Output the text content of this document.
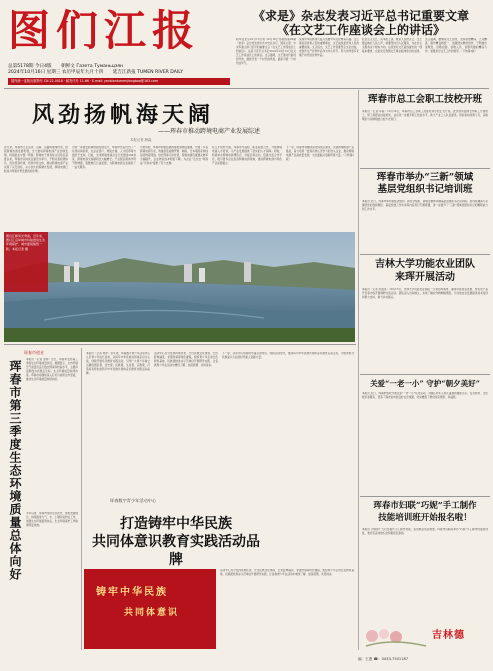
图们江报
总第5178期 今日4版 朝鲜文 Газета Туманьцзян
2024年10月16日 星期三 农历甲辰年九月十四 延吉江新报 TUMEN RIVER DAILY
国内统一连续出版物号 CN 22-0018 · 邮发代号 11-66 · E-mail: yanbiantumenjiangbao@163.com
《求是》杂志发表习近平总书记重要文章
《在文艺工作座谈会上的讲话》
新华社北京10月15日电 10月16日出版的第20期《求是》杂志将发表中共中央总书记、国家主席、中央军委主席习近平的重要文章《在文艺工作座谈会上的讲话》。这是习近平总书记2014年10月15日在文艺工作座谈会上的讲话。文章强调，文艺是时代前进的号角，最能代表一个时代的风貌，最能引领一个时代的风气。
实现中华民族伟大复兴需要中华文化繁荣兴盛。文艺事业是党和人民的重要事业，文艺战线是党和人民的重要战线。文章指出，文艺工作者要坚定文化自信，把创作生产优秀作品作为中心环节，努力创作更多无愧于时代的优秀作品。
社会主义文艺，从本质上讲，就是人民的文艺。文艺要反映好人民心声，就要坚持为人民服务、为社会主义服务这个根本方向。这是党对文艺战线提出的一项基本要求，也是决定我国文艺事业前途命运的关键。
文章强调，要繁荣文艺创作，坚持思想精深、艺术精湛、制作精良相统一，加强现实题材创作，不断推出讴歌党、讴歌祖国、讴歌人民、讴歌英雄的精品力作。加强党对文艺工作的领导。（下转第2版）
风劲扬帆海天阔
——珲春市推动跨境电商产业发展综述
本报记者 韩森
近年来，珲春市立足沿边、沿海、沿路的地缘优势，抢抓跨境电商发展机遇，全力推动跨境电商产业加快发展。特别是在中国（珲春）跨境电子商务综合试验区获批以来，珲春市以综试区建设为牵引，不断完善政策体系、优化营商环境、培育市场主体，推动跨境电商产业实现了从无到有、从小到大的跨越式发展，跨境电商已经成为珲春外贸发展的新引擎。
为进一步激发跨境电商发展活力，珲春市先后出台了一系列扶持政策，在企业落户、物流仓储、人才培养等方面给予支持。目前，全市跨境电商企业已发展到200余家，跨境电商交易额同比大幅增长。产业园区载体作用不断增强，集聚效应日益显现，为跨境电商企业提供了一站式服务。
与此同时，珲春市积极拓展跨境电商物流通道，开通了多条跨境电商专线，构建起连接俄罗斯、韩国、日本等国家和地区的物流网络。依托珲春口岸优势，跨境电商包裹通关效率大幅提升，企业物流成本明显下降，为企业“走出去”和商品“引进来”提供了有力支撑。
在人才培养方面，珲春市与高校、职业院校合作，开展跨境电商人才培训，为产业发展提供了坚实的人才保障。同时，积极举办跨境电商博览会、对接会等活动，搭建交流合作平台，吸引更多企业投身跨境电商领域，推动跨境电商与特色产业深度融合。
下一步，珲春市将继续深化综试区建设，完善跨境电商产业链条，着力培育一批具有核心竞争力的龙头企业，推动跨境电商产业高质量发展，为全面振兴贡献珲春力量。（下转第2版）
图们江畔风光秀美。近年来，图们江沿岸城市持续推进生态环境保护，城市面貌焕然一新。本报记者 摄
珲春市总工会职工技校开班
本报讯（记者 李丽）10月14日，珲春市总工会职工技能培训学校正式开班。此次培训面向全市职工开展电工、焊工等职业技能培训，旨在进一步提升职工技能水平，助力产业工人队伍建设。培训将持续两个月，采取理论与实操相结合的方式进行。
珲春市举办“三新”领域
基层党组织书记培训班
本报讯 近日，珲春市举办新经济组织、新社会组织、新就业群体领域基层党组织书记培训班。培训班邀请专家围绕党的创新理论、基层党建工作实务等内容进行专题授课，进一步提升了“三新”领域党组织书记的履职能力和工作水平。
吉林大学功能农业团队
来珲开展活动
本报讯（记者 朴美英）10月13日，吉林大学功能农业团队一行来到珲春市，围绕功能农业发展、特色农产品开发等内容开展调研交流活动。团队深入田间地头，实地了解农作物种植情况，为当地农业发展提供技术指导和智力支持，助力乡村振兴。
关爱“一老一小” 守护“朝夕美好”
本报讯 近日，珲春市组织开展关爱“一老一小”系列活动，为辖区老年人和儿童提供健康义诊、安全教育、文化娱乐等服务，营造了尊老爱幼的良好社会氛围，切实增强了群众的获得感、幸福感。
珲春市妇联“巧妮”手工制作
技能培训班开始报名啦！
本报讯 为帮助广大妇女提升手工制作技能，拓宽就业创业渠道，珲春市妇联将举办“巧妮”手工制作技能培训班，欢迎有意向的妇女积极报名参加。
吉林德
编：王惠 ☎：0433-7501187
珲春市第三季度生态环境质量总体向好
珲春市创业
本报讯（记者 金明）近日，珲春市发布第三季度生态环境质量状况。数据显示，全市环境空气质量优良天数比例保持较高水平，主要河流断面水质稳定达标，生态环境质量持续改善。珲春市将继续深入打好污染防治攻坚战，推动生态环境质量持续向好。
今年以来，珲春市坚持生态优先、绿色发展理念，持续推进大气、水、土壤污染防治工作，加强生态环境监管执法，生态环境保护工作取得明显成效。
珲春数字青少年活动中心
打造铸牢中华民族
共同体意识教育实践活动品牌
本报讯（记者 刘洋）近年来，珲春数字青少年活动中心立足青少年成长需求，以铸牢中华民族共同体意识为主线，创新开展系列教育实践活动，引导广大青少年树立正确的国家观、历史观、民族观、文化观、宗教观，打造具有特色的铸牢中华民族共同体意识教育实践活动品牌。
活动中心充分发挥阵地优势，开设民族文化体验、红色经典诵读、非遗传承等特色课程，组织青少年走进红色教育基地、民族团结进步示范单位开展研学实践，让各族青少年在活动中增进了解、加深感情、共同进步。
下一步，活动中心将持续丰富活动内容、创新活动形式，推动铸牢中华民族共同体意识教育走深走实，为培养担当民族复兴大任的时代新人贡献力量。
铸牢中华民族
共同体意识
活动中心充分发挥阵地优势，开设民族文化体验、红色经典诵读、非遗传承等特色课程，组织青少年走进红色教育基地、民族团结进步示范单位开展研学实践，让各族青少年在活动中增进了解、加深感情、共同进步。
